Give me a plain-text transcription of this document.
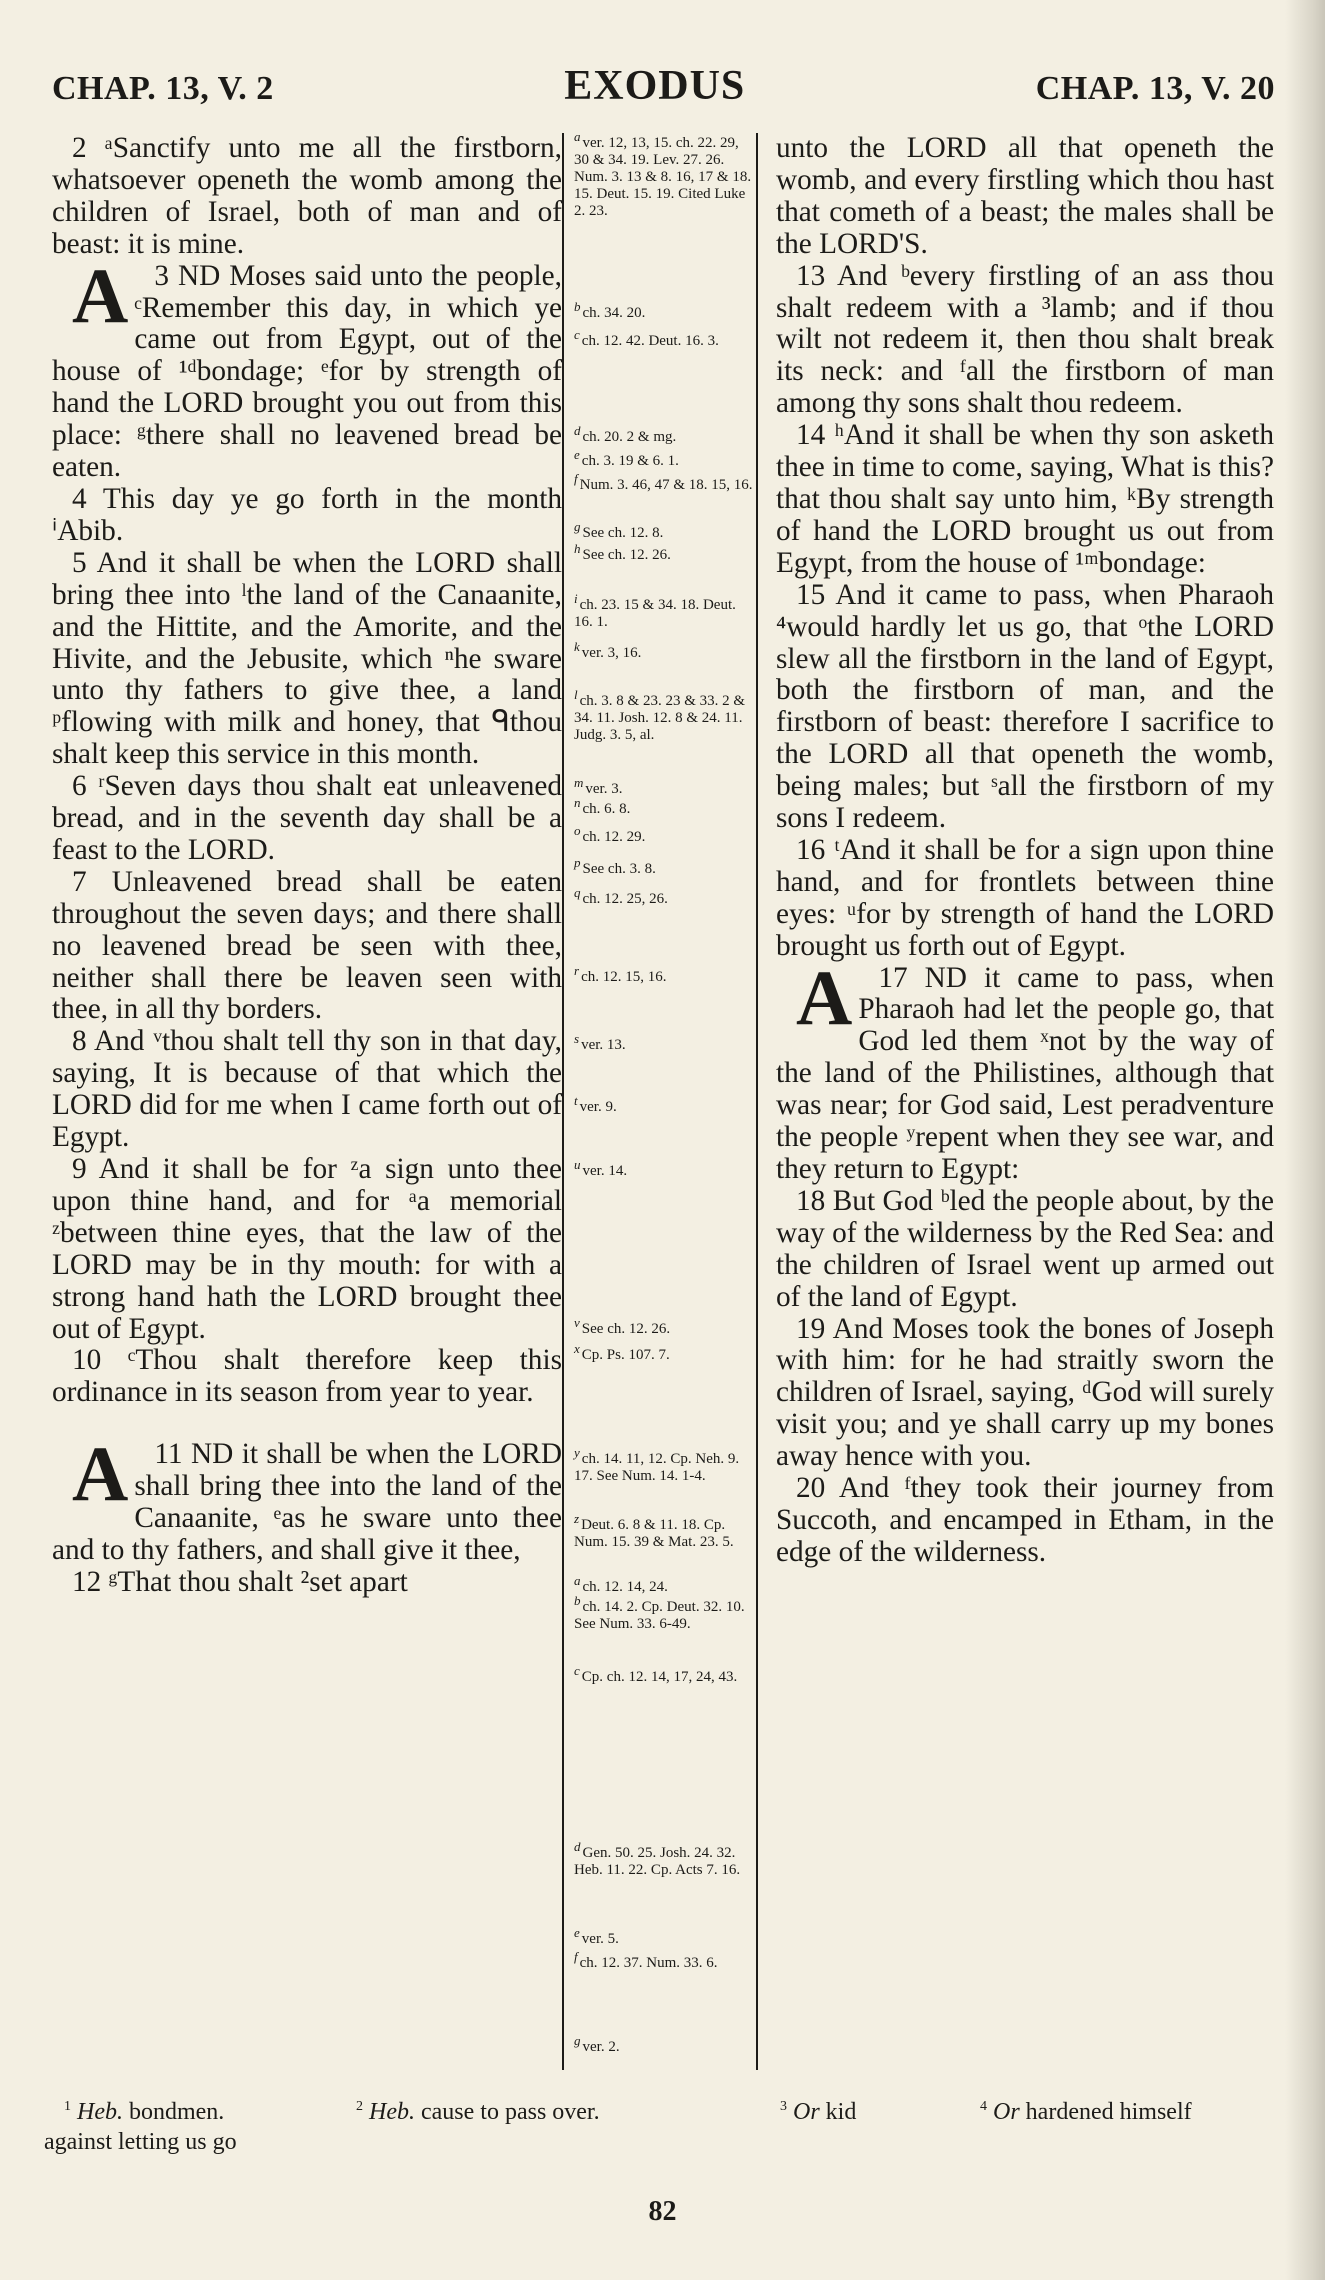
CHAP. 13, V. 2	EXODUS	CHAP. 13, V. 20

2 ᵃSanctify unto me all the firstborn, whatsoever openeth the womb among the children of Israel, both of man and of beast: it is mine.

3
A ND Moses said unto the people, ᶜRemember this day, in which ye came out from Egypt, out of the house of ¹ᵈbondage; ᵉfor by strength of hand the LORD brought you out from this place: ᵍthere shall no leavened bread be eaten.

4 This day ye go forth in the month ⁱAbib.

5 And it shall be when the LORD shall bring thee into ˡthe land of the Canaanite, and the Hittite, and the Amorite, and the Hivite, and the Jebusite, which ⁿhe sware unto thy fathers to give thee, a land ᵖflowing with milk and honey, that ᑫthou shalt keep this service in this month.

6 ʳSeven days thou shalt eat unleavened bread, and in the seventh day shall be a feast to the LORD.

7 Unleavened bread shall be eaten throughout the seven days; and there shall no leavened bread be seen with thee, neither shall there be leaven seen with thee, in all thy borders.

8 And ᵛthou shalt tell thy son in that day, saying, It is because of that which the LORD did for me when I came forth out of Egypt.

9 And it shall be for ᶻa sign unto thee upon thine hand, and for ᵃa memorial ᶻbetween thine eyes, that the law of the LORD may be in thy mouth: for with a strong hand hath the LORD brought thee out of Egypt.

10 ᶜThou shalt therefore keep this ordinance in its season from year to year.

11
A ND it shall be when the LORD shall bring thee into the land of the Canaanite, ᵉas he sware unto thee and to thy fathers, and shall give it thee,

12 ᵍThat thou shalt ²set apart

a ver. 12, 13, 15. ch. 22. 29, 30 & 34. 19. Lev. 27. 26. Num. 3. 13 & 8. 16, 17 & 18. 15. Deut. 15. 19. Cited Luke 2. 23.
b ch. 34. 20.
c ch. 12. 42. Deut. 16. 3.
d ch. 20. 2 & mg.
e ch. 3. 19 & 6. 1.
f Num. 3. 46, 47 & 18. 15, 16.
g See ch. 12. 8.
h See ch. 12. 26.
i ch. 23. 15 & 34. 18. Deut. 16. 1.
k ver. 3, 16.
l ch. 3. 8 & 23. 23 & 33. 2 & 34. 11. Josh. 12. 8 & 24. 11. Judg. 3. 5, al.
m ver. 3.
n ch. 6. 8.
o ch. 12. 29.
p See ch. 3. 8.
q ch. 12. 25, 26.
r ch. 12. 15, 16.
s ver. 13.
t ver. 9.
u ver. 14.
v See ch. 12. 26.
x Cp. Ps. 107. 7.
y ch. 14. 11, 12. Cp. Neh. 9. 17. See Num. 14. 1-4.
z Deut. 6. 8 & 11. 18. Cp. Num. 15. 39 & Mat. 23. 5.
a ch. 12. 14, 24.
b ch. 14. 2. Cp. Deut. 32. 10. See Num. 33. 6-49.
c Cp. ch. 12. 14, 17, 24, 43.
d Gen. 50. 25. Josh. 24. 32. Heb. 11. 22. Cp. Acts 7. 16.
e ver. 5.
f ch. 12. 37. Num. 33. 6.
g ver. 2.

unto the LORD all that openeth the womb, and every firstling which thou hast that cometh of a beast; the males shall be the LORD'S.

13 And ᵇevery firstling of an ass thou shalt redeem with a ³lamb; and if thou wilt not redeem it, then thou shalt break its neck: and ᶠall the firstborn of man among thy sons shalt thou redeem.

14 ʰAnd it shall be when thy son asketh thee in time to come, saying, What is this? that thou shalt say unto him, ᵏBy strength of hand the LORD brought us out from Egypt, from the house of ¹ᵐbondage:

15 And it came to pass, when Pharaoh ⁴would hardly let us go, that ᵒthe LORD slew all the firstborn in the land of Egypt, both the firstborn of man, and the firstborn of beast: therefore I sacrifice to the LORD all that openeth the womb, being males; but ˢall the firstborn of my sons I redeem.

16 ᵗAnd it shall be for a sign upon thine hand, and for frontlets between thine eyes: ᵘfor by strength of hand the LORD brought us forth out of Egypt.

17
A ND it came to pass, when Pharaoh had let the people go, that God led them ˣnot by the way of the land of the Philistines, although that was near; for God said, Lest peradventure the people ʸrepent when they see war, and they return to Egypt:

18 But God ᵇled the people about, by the way of the wilderness by the Red Sea: and the children of Israel went up armed out of the land of Egypt.

19 And Moses took the bones of Joseph with him: for he had straitly sworn the children of Israel, saying, ᵈGod will surely visit you; and ye shall carry up my bones away hence with you.

20 And ᶠthey took their journey from Succoth, and encamped in Etham, in the edge of the wilderness.

$^1$ Heb. bondmen.	$^2$ Heb. cause to pass over.	$^3$ Or kid	$^4$ Or hardened himself
against letting us go
82
